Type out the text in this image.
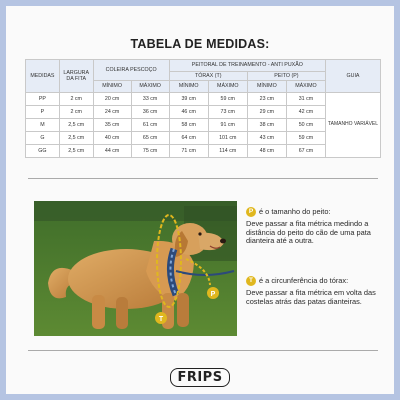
TABELA DE MEDIDAS:
MEDIDAS	LARGURA DA FITA	COLEIRA PESCOÇO		PEITORAL DE TREINAMENTO - ANTI PUXÃO				GUIA
				TÓRAX (T)		PEITO (P)		
		MÍNIMO	MÁXIMO	MÍNIMO	MÁXIMO	MÍNIMO	MÁXIMO	
PP	2 cm	20 cm	33 cm	39 cm	59 cm	23 cm	31 cm	TAMANHO VARIÁVEL
P	2 cm	24 cm	36 cm	46 cm	73 cm	29 cm	42 cm	
M	2,5 cm	35 cm	61 cm	58 cm	91 cm	38 cm	50 cm	
G	2,5 cm	40 cm	65 cm	64 cm	101 cm	43 cm	59 cm	
GG	2,5 cm	44 cm	75 cm	71 cm	114 cm	48 cm	67 cm	
T
P
P é o tamanho do peito:
Deve passar a fita métrica medindo a distância do peito do cão de uma pata dianteira até a outra.
T é a circunferência do tórax:
Deve passar a fita métrica em volta das costelas atrás das patas dianteiras.
FRIPS
